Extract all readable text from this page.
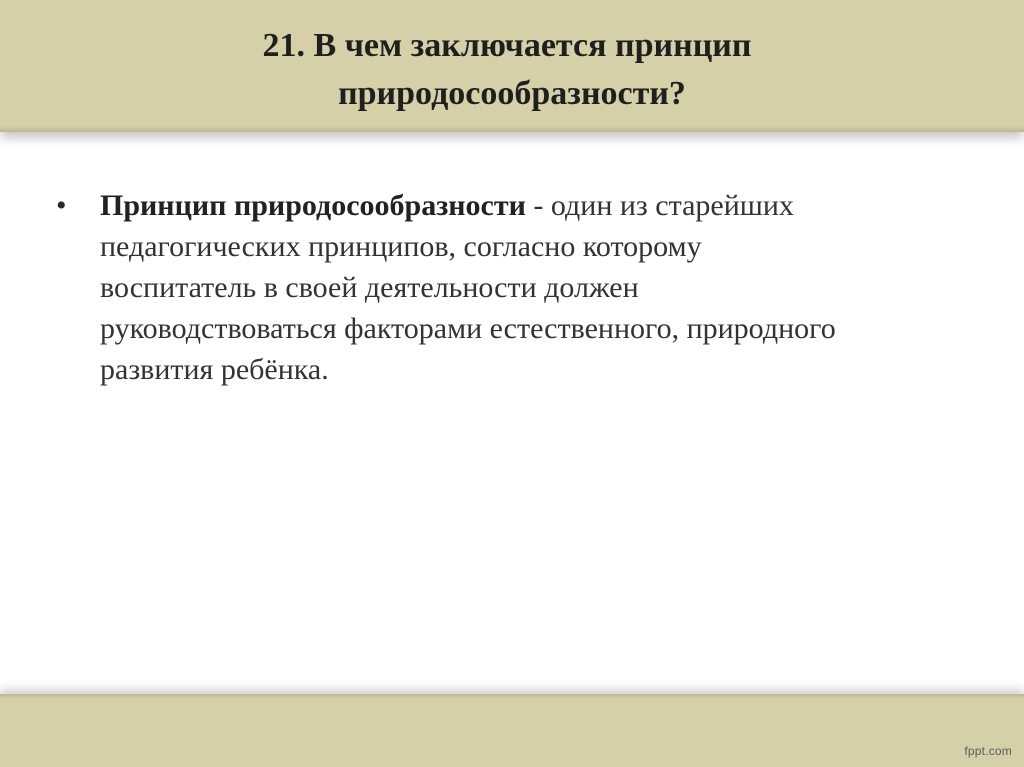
21. В чем заключается принцип
природосообразности?
•	Принцип природосообразности - один из старейших
педагогических принципов, согласно которому
воспитатель в своей деятельности должен
руководствоваться факторами естественного, природного
развития ребёнка.
fppt.com
